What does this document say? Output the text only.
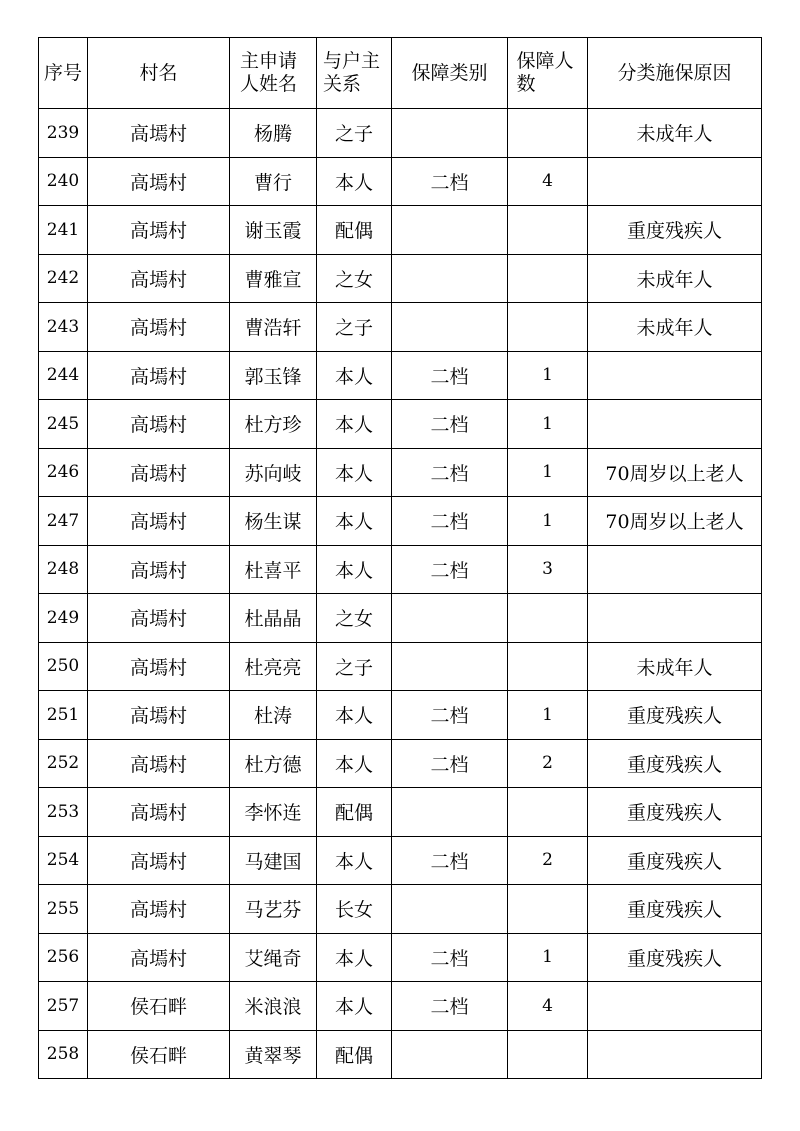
序号	村名	主申请人姓名	与户主关系	保障类别	保障人数	分类施保原因
239	高墕村	杨腾	之子			未成年人
240	高墕村	曹行	本人	二档	4	
241	高墕村	谢玉霞	配偶			重度残疾人
242	高墕村	曹雅宣	之女			未成年人
243	高墕村	曹浩轩	之子			未成年人
244	高墕村	郭玉锋	本人	二档	1	
245	高墕村	杜方珍	本人	二档	1	
246	高墕村	苏向岐	本人	二档	1	70周岁以上老人
247	高墕村	杨生谋	本人	二档	1	70周岁以上老人
248	高墕村	杜喜平	本人	二档	3	
249	高墕村	杜晶晶	之女			
250	高墕村	杜亮亮	之子			未成年人
251	高墕村	杜涛	本人	二档	1	重度残疾人
252	高墕村	杜方德	本人	二档	2	重度残疾人
253	高墕村	李怀连	配偶			重度残疾人
254	高墕村	马建国	本人	二档	2	重度残疾人
255	高墕村	马艺芬	长女			重度残疾人
256	高墕村	艾绳奇	本人	二档	1	重度残疾人
257	侯石畔	米浪浪	本人	二档	4	
258	侯石畔	黄翠琴	配偶			
